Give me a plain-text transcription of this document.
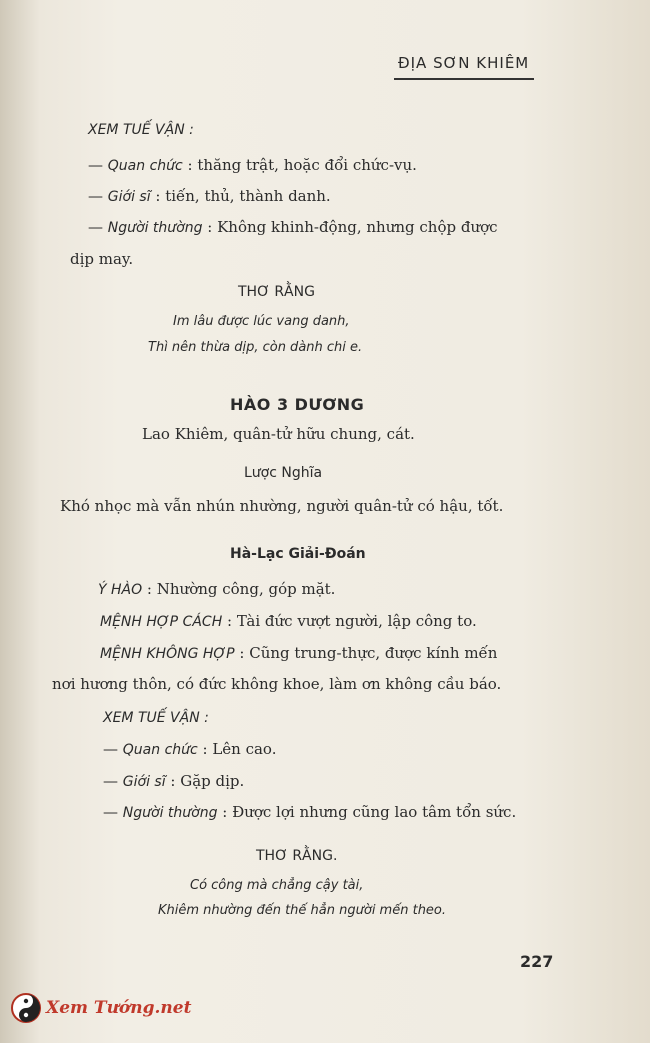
ĐỊA SƠN KHIÊM
XEM TUẾ VẬN :
— Quan chức : thăng trật, hoặc đổi chức-vụ.
— Giới sĩ : tiến, thủ, thành danh.
— Người thường : Không khinh-động, nhưng chộp được
dịp may.
THƠ RẰNG
Im lâu được lúc vang danh,
Thì nên thừa dịp, còn dành chi e.
HÀO 3 DƯƠNG
Lao Khiêm, quân-tử hữu chung, cát.
Lược Nghĩa
Khó nhọc mà vẫn nhún nhường, người quân-tử có hậu, tốt.
Hà-Lạc Giải-Đoán
Ý HÀO : Nhường công, góp mặt.
MỆNH HỢP CÁCH : Tài đức vượt người, lập công to.
MỆNH KHÔNG HỢP : Cũng trung-thực, được kính mến
nơi hương thôn, có đức không khoe, làm ơn không cầu báo.
XEM TUẾ VẬN :
— Quan chức : Lên cao.
— Giới sĩ : Gặp dịp.
— Người thường : Được lợi nhưng cũng lao tâm tổn sức.
THƠ RẰNG.
Có công mà chẳng cậy tài,
Khiêm nhường đến thế hẳn người mến theo.
227
Xem Tướng.net
